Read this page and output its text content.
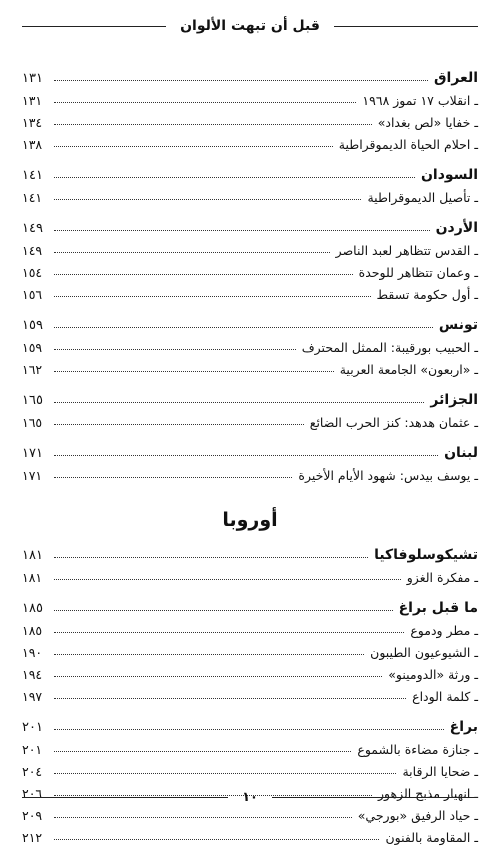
قبل أن تبهت الألوان
العراق
١٣١
ـ انقلاب ١٧ تموز ١٩٦٨
١٣١
ـ خفايا «لص بغداد»
١٣٤
ـ احلام الحياة الديموقراطية
١٣٨
السودان
١٤١
ـ تأصيل الديموقراطية
١٤١
الأردن
١٤٩
ـ القدس تتظاهر لعبد الناصر
١٤٩
ـ وعمان تتظاهر للوحدة
١٥٤
ـ أول حكومة تسقط
١٥٦
تونس
١٥٩
ـ الحبيب بورقيبة: الممثل المحترف
١٥٩
ـ «اربعون» الجامعة العربية
١٦٢
الجزائر
١٦٥
ـ عثمان هدهد: كنز الحرب الضائع
١٦٥
لبنان
١٧١
ـ يوسف بيدس: شهود الأيام الأخيرة
١٧١
أوروبا
تشيكوسلوفاكيا
١٨١
ـ مفكرة الغزو
١٨١
ما قبل براغ
١٨٥
ـ مطر ودموع
١٨٥
ـ الشيوعيون الطيبون
١٩٠
ـ ورثة «الدومينو»
١٩٤
ـ كلمة الوداع
١٩٧
براغ
٢٠١
ـ جنازة مضاءة بالشموع
٢٠١
ـ ضحايا الرقابة
٢٠٤
ـ انهيار مذبح الزهور
٢٠٦
ـ حياد الرفيق «بورجي»
٢٠٩
ـ المقاومة بالفنون
٢١٢
١٠
